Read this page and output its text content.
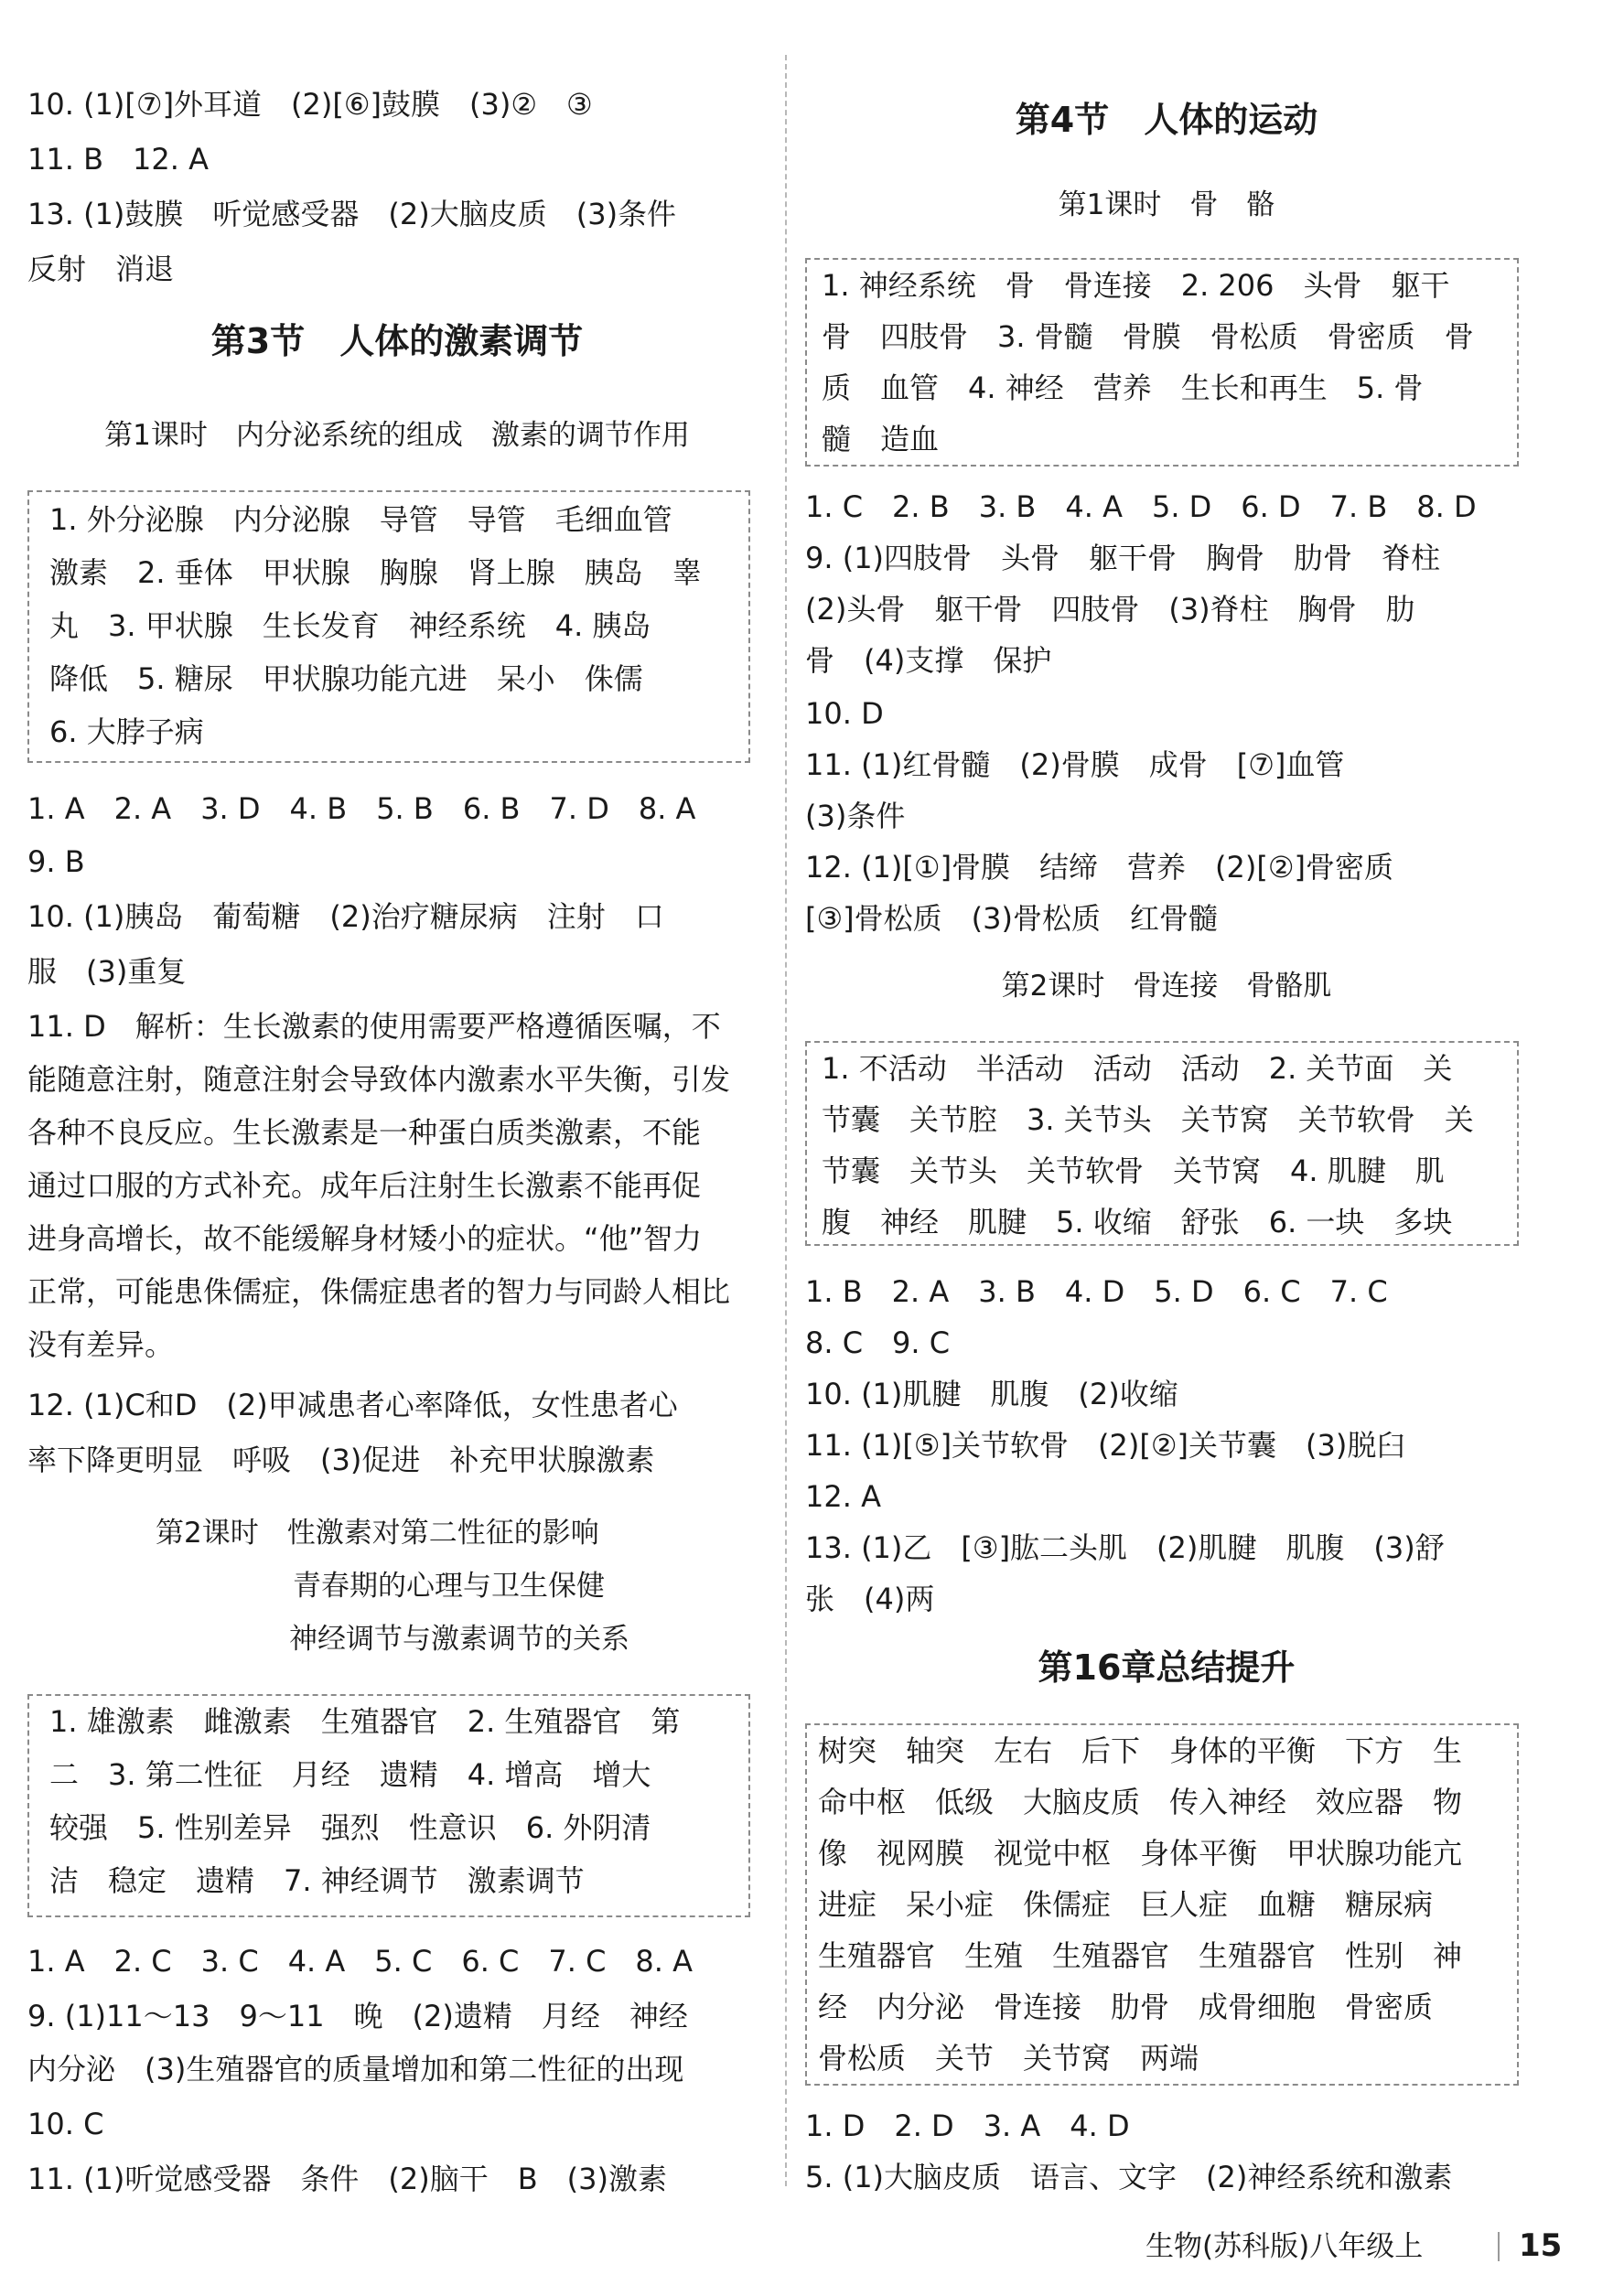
10. (1)[⑦]外耳道　(2)[⑥]鼓膜　(3)②　③
11. B　12. A
13. (1)鼓膜　听觉感受器　(2)大脑皮质　(3)条件
反射　消退
第3节　人体的激素调节
第1课时　内分泌系统的组成　激素的调节作用
1. 外分泌腺　内分泌腺　导管　导管　毛细血管
激素　2. 垂体　甲状腺　胸腺　肾上腺　胰岛　睾
丸　3. 甲状腺　生长发育　神经系统　4. 胰岛
降低　5. 糖尿　甲状腺功能亢进　呆小　侏儒
6. 大脖子病
1. A　2. A　3. D　4. B　5. B　6. B　7. D　8. A
9. B
10. (1)胰岛　葡萄糖　(2)治疗糖尿病　注射　口
服　(3)重复
11. D　解析：生长激素的使用需要严格遵循医嘱，不
能随意注射，随意注射会导致体内激素水平失衡，引发
各种不良反应。生长激素是一种蛋白质类激素，不能
通过口服的方式补充。成年后注射生长激素不能再促
进身高增长，故不能缓解身材矮小的症状。“他”智力
正常，可能患侏儒症，侏儒症患者的智力与同龄人相比
没有差异。
12. (1)C和D　(2)甲减患者心率降低，女性患者心
率下降更明显　呼吸　(3)促进　补充甲状腺激素
第2课时　性激素对第二性征的影响
青春期的心理与卫生保健
神经调节与激素调节的关系
1. 雄激素　雌激素　生殖器官　2. 生殖器官　第
二　3. 第二性征　月经　遗精　4. 增高　增大
较强　5. 性别差异　强烈　性意识　6. 外阴清
洁　稳定　遗精　7. 神经调节　激素调节
1. A　2. C　3. C　4. A　5. C　6. C　7. C　8. A
9. (1)11～13　9～11　晚　(2)遗精　月经　神经
内分泌　(3)生殖器官的质量增加和第二性征的出现
10. C
11. (1)听觉感受器　条件　(2)脑干　B　(3)激素
第4节　人体的运动
第1课时　骨　骼
1. 神经系统　骨　骨连接　2. 206　头骨　躯干
骨　四肢骨　3. 骨髓　骨膜　骨松质　骨密质　骨
质　血管　4. 神经　营养　生长和再生　5. 骨
髓　造血
1. C　2. B　3. B　4. A　5. D　6. D　7. B　8. D
9. (1)四肢骨　头骨　躯干骨　胸骨　肋骨　脊柱
(2)头骨　躯干骨　四肢骨　(3)脊柱　胸骨　肋
骨　(4)支撑　保护
10. D
11. (1)红骨髓　(2)骨膜　成骨　[⑦]血管
(3)条件
12. (1)[①]骨膜　结缔　营养　(2)[②]骨密质
[③]骨松质　(3)骨松质　红骨髓
第2课时　骨连接　骨骼肌
1. 不活动　半活动　活动　活动　2. 关节面　关
节囊　关节腔　3. 关节头　关节窝　关节软骨　关
节囊　关节头　关节软骨　关节窝　4. 肌腱　肌
腹　神经　肌腱　5. 收缩　舒张　6. 一块　多块
1. B　2. A　3. B　4. D　5. D　6. C　7. C
8. C　9. C
10. (1)肌腱　肌腹　(2)收缩
11. (1)[⑤]关节软骨　(2)[②]关节囊　(3)脱臼
12. A
13. (1)乙　[③]肱二头肌　(2)肌腱　肌腹　(3)舒
张　(4)两
第16章总结提升
树突　轴突　左右　后下　身体的平衡　下方　生
命中枢　低级　大脑皮质　传入神经　效应器　物
像　视网膜　视觉中枢　身体平衡　甲状腺功能亢
进症　呆小症　侏儒症　巨人症　血糖　糖尿病
生殖器官　生殖　生殖器官　生殖器官　性别　神
经　内分泌　骨连接　肋骨　成骨细胞　骨密质
骨松质　关节　关节窝　两端
1. D　2. D　3. A　4. D
5. (1)大脑皮质　语言、文字　(2)神经系统和激素
生物(苏科版)八年级上	15
